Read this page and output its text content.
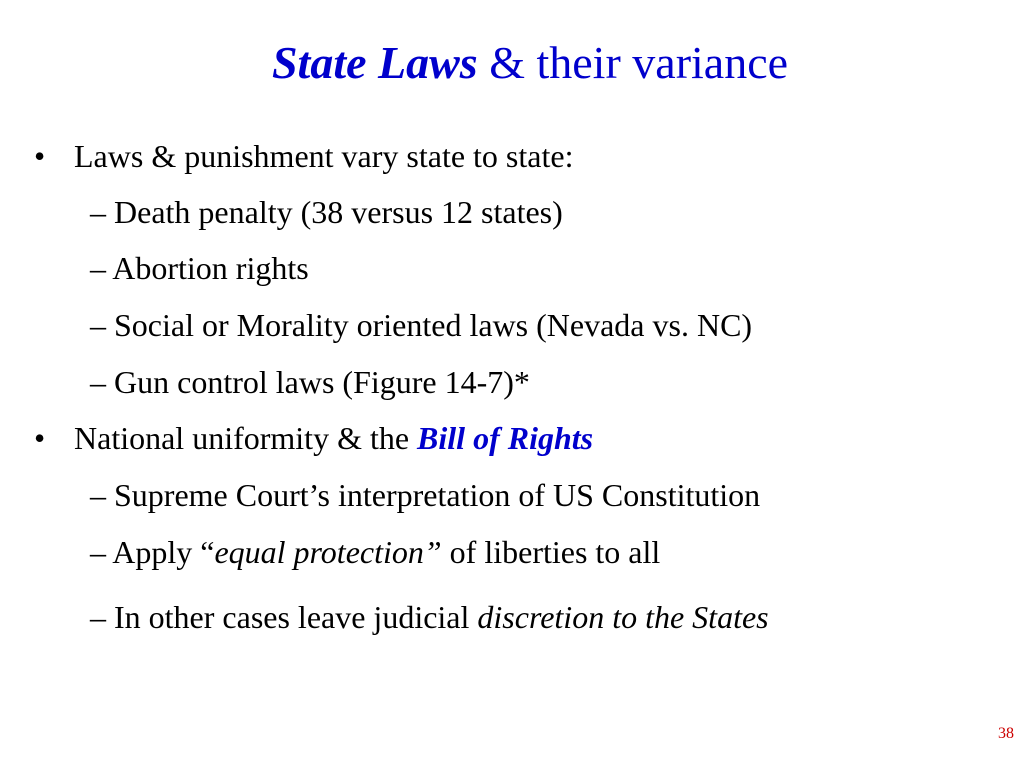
State Laws & their variance
• Laws & punishment vary state to state:
– Death penalty (38 versus 12 states)
– Abortion rights
– Social or Morality oriented laws (Nevada vs. NC)
– Gun control laws (Figure 14-7)*
• National uniformity & the Bill of Rights
– Supreme Court’s interpretation of US Constitution
– Apply “equal protection” of liberties to all
– In other cases leave judicial discretion to the States
38
